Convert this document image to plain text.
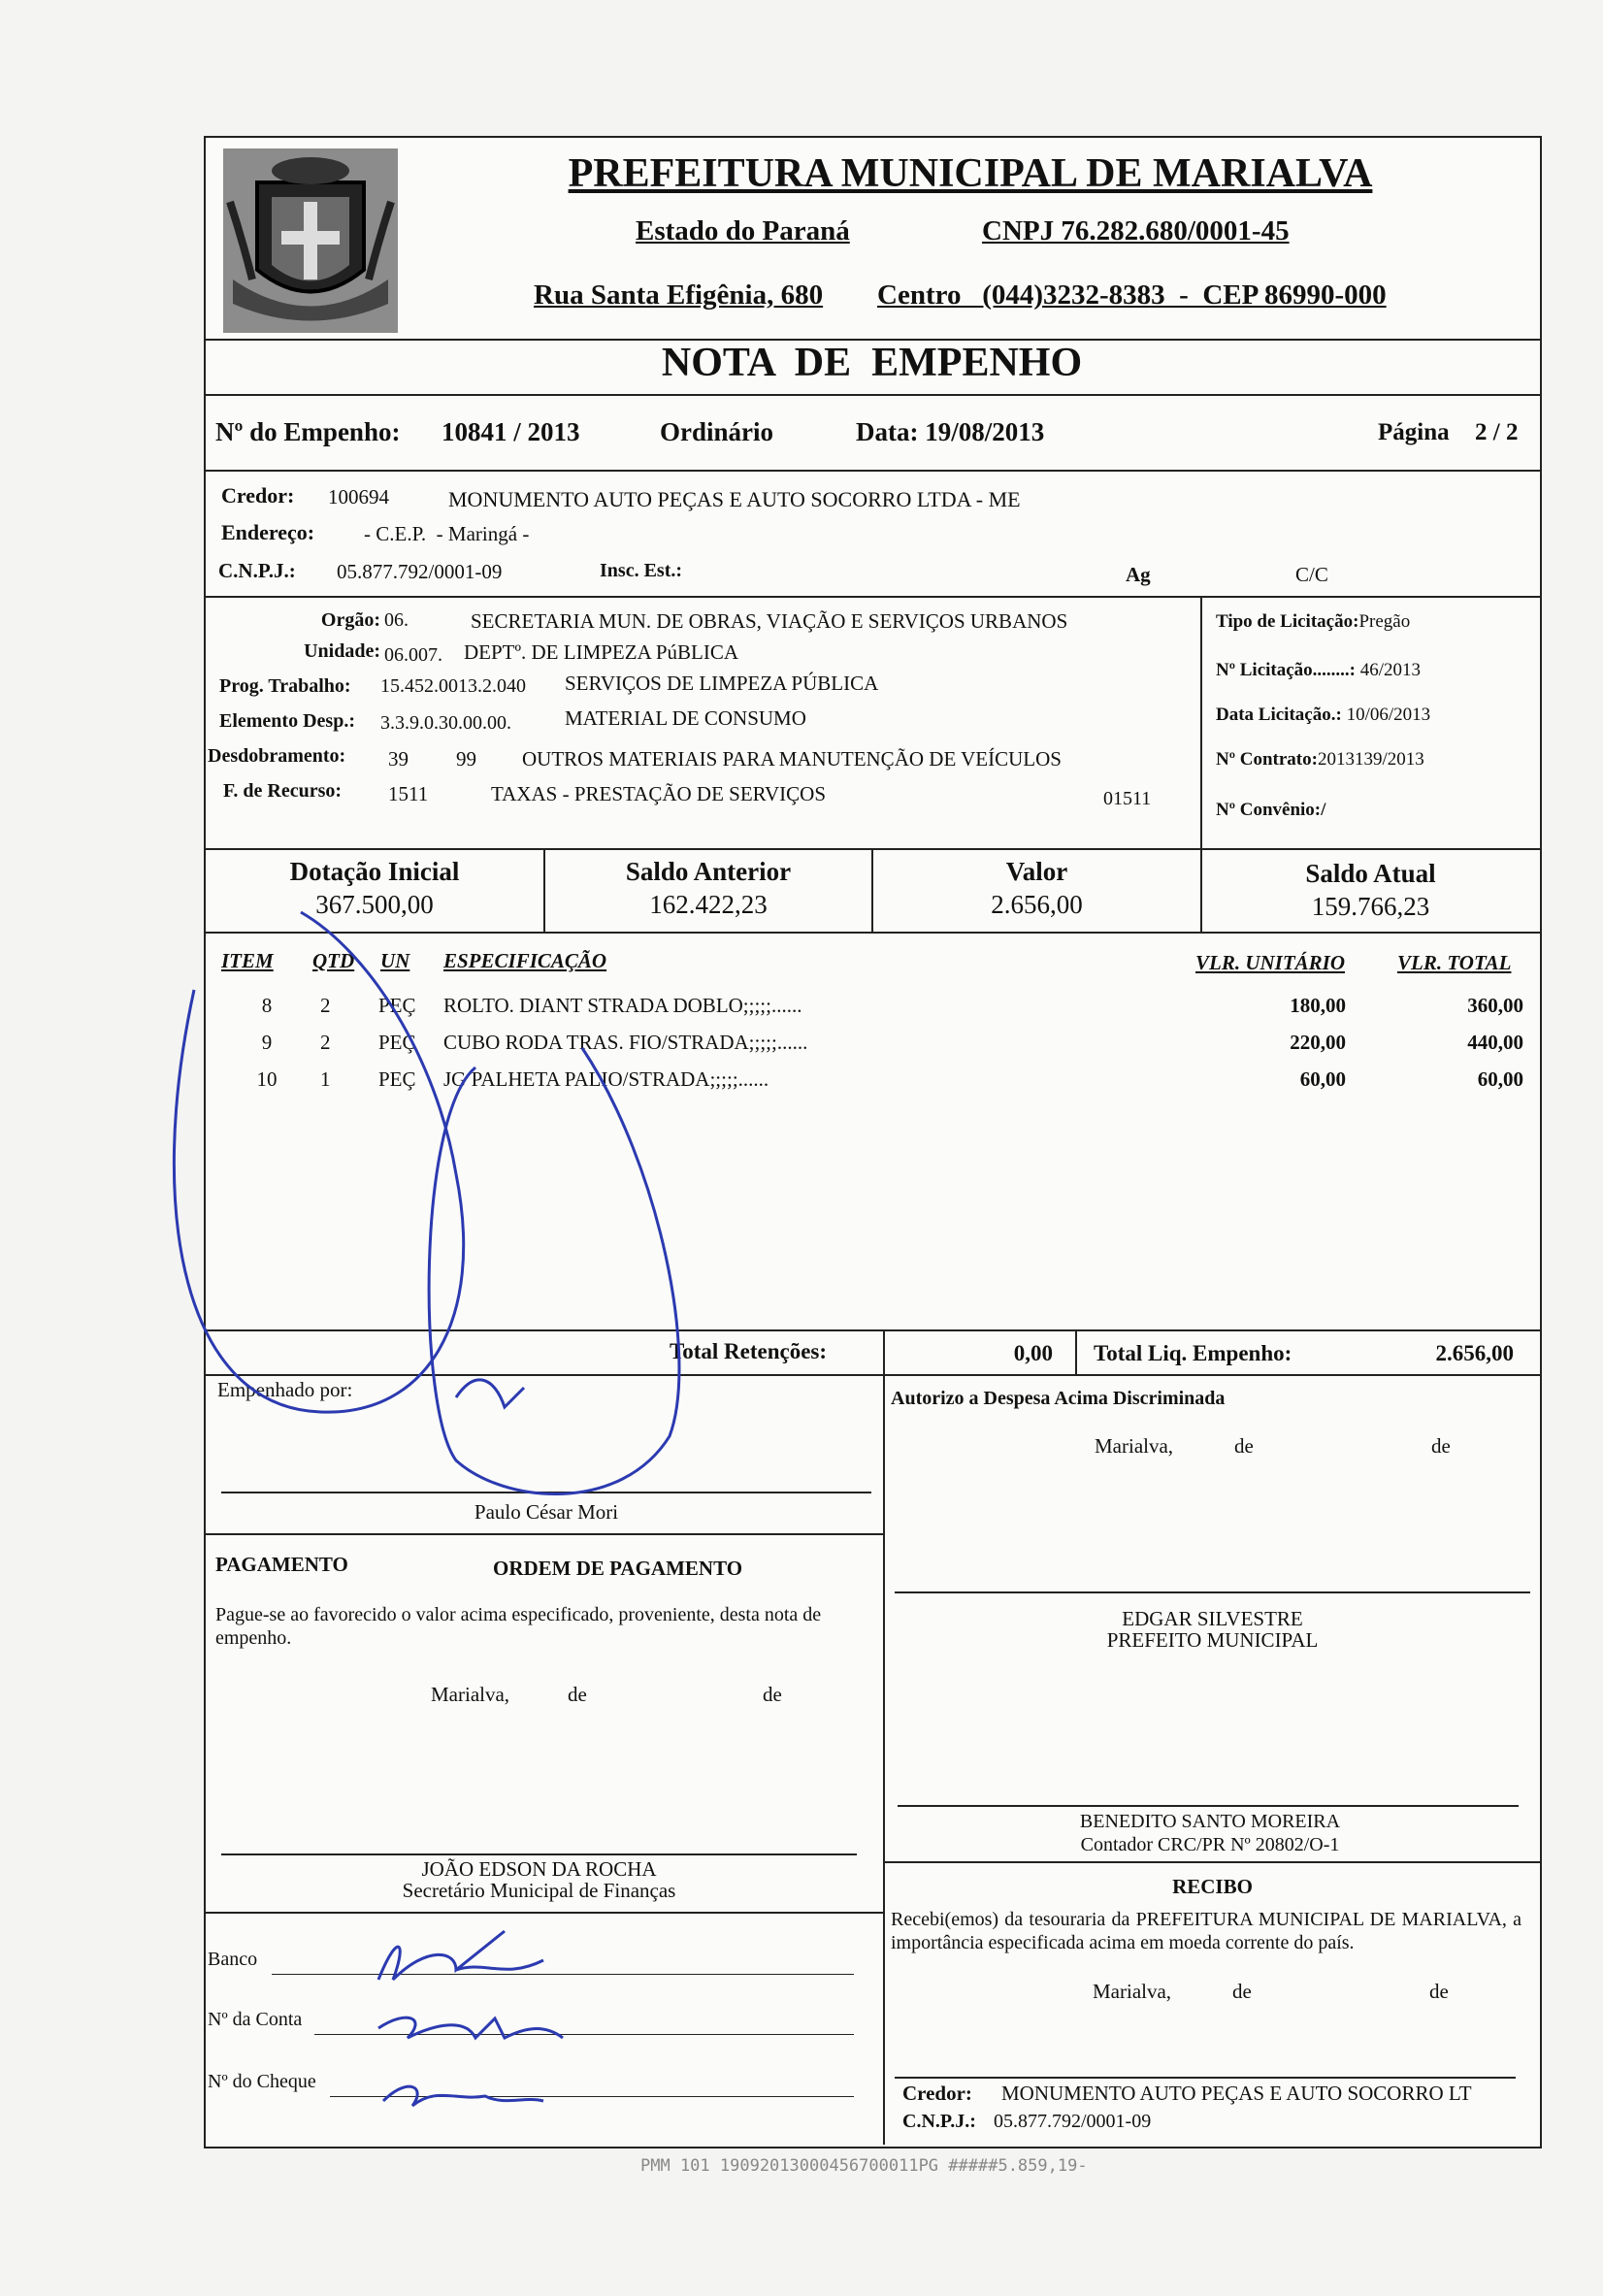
PREFEITURA MUNICIPAL DE MARIALVA
Estado do Paraná	CNPJ 76.282.680/0001-45
Rua Santa Efigênia, 680 Centro   (044)3232-8383  -  CEP 86990-000
NOTA  DE  EMPENHO
Nº do Empenho: 10841 / 2013	Ordinário	Data: 19/08/2013	Página 2 / 2
Credor: 100694	MONUMENTO AUTO PEÇAS E AUTO SOCORRO LTDA - ME
Endereço: - C.E.P.  - Maringá -
C.N.P.J.: 05.877.792/0001-09	Insc. Est.:	Ag	C/C
Orgão: 06.	SECRETARIA MUN. DE OBRAS, VIAÇÃO E SERVIÇOS URBANOS
Unidade: 06.007. DEPTº. DE LIMPEZA PúBLICA
Prog. Trabalho: 15.452.0013.2.040 SERVIÇOS DE LIMPEZA PÚBLICA
Elemento Desp.: 3.3.9.0.30.00.00.	MATERIAL DE CONSUMO
Desdobramento: 39 99 OUTROS MATERIAIS PARA MANUTENÇÃO DE VEÍCULOS
F. de Recurso: 1511	TAXAS - PRESTAÇÃO DE SERVIÇOS	01511
Tipo de Licitação:Pregão
Nº Licitação........: 46/2013
Data Licitação.: 10/06/2013
Nº Contrato:2013139/2013
Nº Convênio:/
Dotação Inicial
367.500,00
Saldo Anterior
162.422,23
Valor
2.656,00
Saldo Atual
159.766,23
ITEM QTD UN ESPECIFICAÇÃO	VLR. UNITÁRIO	VLR. TOTAL
8	2 PEÇ ROLTO. DIANT STRADA DOBLO;;;;;......	180,00	360,00
9	2 PEÇ CUBO RODA TRAS. FIO/STRADA;;;;;......	220,00	440,00
10 1 PEÇ JG PALHETA PALIO/STRADA;;;;;......	60,00	60,00
Total Retenções:	0,00 Total Liq. Empenho:	2.656,00
Empenhado por:
Paulo César Mori
Autorizo a Despesa Acima Discriminada
Marialva,	de	de
EDGAR SILVESTRE
PREFEITO MUNICIPAL
PAGAMENTO	ORDEM DE PAGAMENTO
Pague-se ao favorecido o valor acima especificado, proveniente, desta nota de empenho.
Marialva,	de	de
JOÃO EDSON DA ROCHA
Secretário Municipal de Finanças
Banco
Nº da Conta
Nº do Cheque
BENEDITO SANTO MOREIRA
Contador CRC/PR Nº 20802/O-1
RECIBO
Recebi(emos) da tesouraria da PREFEITURA MUNICIPAL DE MARIALVA, a importância especificada acima em moeda corrente do país.
Marialva,	de	de
Credor: MONUMENTO AUTO PEÇAS E AUTO SOCORRO LT
C.N.P.J.: 05.877.792/0001-09
PMM 101 19092013000456700011PG #####5.859,19-
